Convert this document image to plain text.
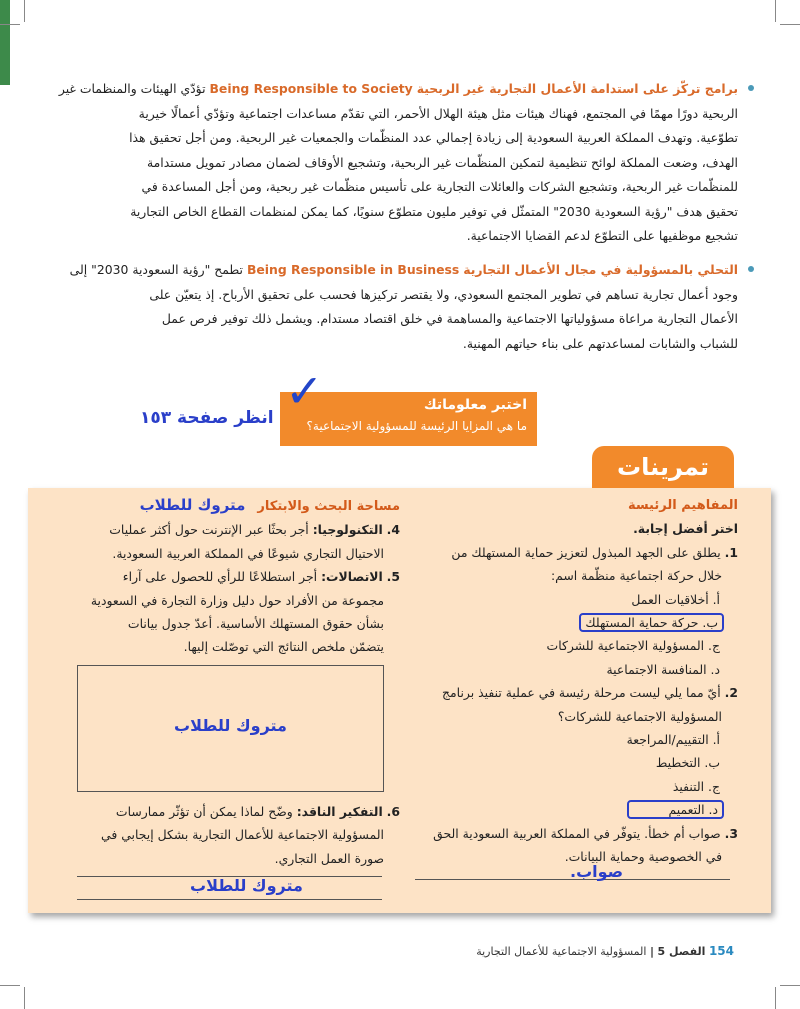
برامج تركّز على استدامة الأعمال التجارية غير الربحية Being Responsible to Society تؤدّي الهيئات والمنظمات غير
الربحية دورًا مهمًا في المجتمع، فهناك هيئات مثل هيئة الهلال الأحمر، التي تقدّم مساعدات اجتماعية وتؤدّي أعمالًا خيرية
تطوّعية. وتهدف المملكة العربية السعودية إلى زيادة إجمالي عدد المنظّمات والجمعيات غير الربحية. ومن أجل تحقيق هذا
الهدف، وضعت المملكة لوائح تنظيمية لتمكين المنظّمات غير الربحية، وتشجيع الأوقاف لضمان مصادر تمويل مستدامة
للمنظّمات غير الربحية، وتشجيع الشركات والعائلات التجارية على تأسيس منظّمات غير ربحية، ومن أجل المساعدة في
تحقيق هدف "رؤية السعودية 2030" المتمثّل في توفير مليون متطوّع سنويًا، كما يمكن لمنظمات القطاع الخاص التجارية
تشجيع موظفيها على التطوّع لدعم القضايا الاجتماعية.
التحلي بالمسؤولية في مجال الأعمال التجارية Being Responsible in Business تطمح "رؤية السعودية 2030" إلى
وجود أعمال تجارية تساهم في تطوير المجتمع السعودي، ولا يقتصر تركيزها فحسب على تحقيق الأرباح. إذ يتعيّن على
الأعمال التجارية مراعاة مسؤولياتها الاجتماعية والمساهمة في خلق اقتصاد مستدام. ويشمل ذلك توفير فرص عمل
للشباب والشابات لمساعدتهم على بناء حياتهم المهنية.
اختبر معلوماتك
ما هي المزايا الرئيسة للمسؤولية الاجتماعية؟
✓
انظر صفحة ١٥٣
تمرينات
المفاهيم الرئيسة
اختر أفضل إجابة.
1. يطلق على الجهد المبذول لتعزيز حماية المستهلك من
خلال حركة اجتماعية منظّمة اسم:
أ. أخلاقيات العمل
ب. حركة حماية المستهلك
ج. المسؤولية الاجتماعية للشركات
د. المنافسة الاجتماعية
2. أيّ مما يلي ليست مرحلة رئيسة في عملية تنفيذ برنامج
المسؤولية الاجتماعية للشركات؟
أ. التقييم/المراجعة
ب. التخطيط
ج. التنفيذ
د. التعميم
3. صواب أم خطأ. يتوفّر في المملكة العربية السعودية الحق
في الخصوصية وحماية البيانات.
صواب.
مساحة البحث والابتكار متروك للطلاب
4. التكنولوجيا: أجر بحثًا عبر الإنترنت حول أكثر عمليات
الاحتيال التجاري شيوعًا في المملكة العربية السعودية.
5. الاتصالات: أجر استطلاعًا للرأي للحصول على آراء
مجموعة من الأفراد حول دليل وزارة التجارة في السعودية
بشأن حقوق المستهلك الأساسية. أعدّ جدول بيانات
يتضمّن ملخص النتائج التي توصّلت إليها.
متروك للطلاب
6. التفكير الناقد: وضّح لماذا يمكن أن تؤثّر ممارسات
المسؤولية الاجتماعية للأعمال التجارية بشكل إيجابي في
صورة العمل التجاري.
متروك للطلاب
154 الفصل 5 | المسؤولية الاجتماعية للأعمال التجارية
